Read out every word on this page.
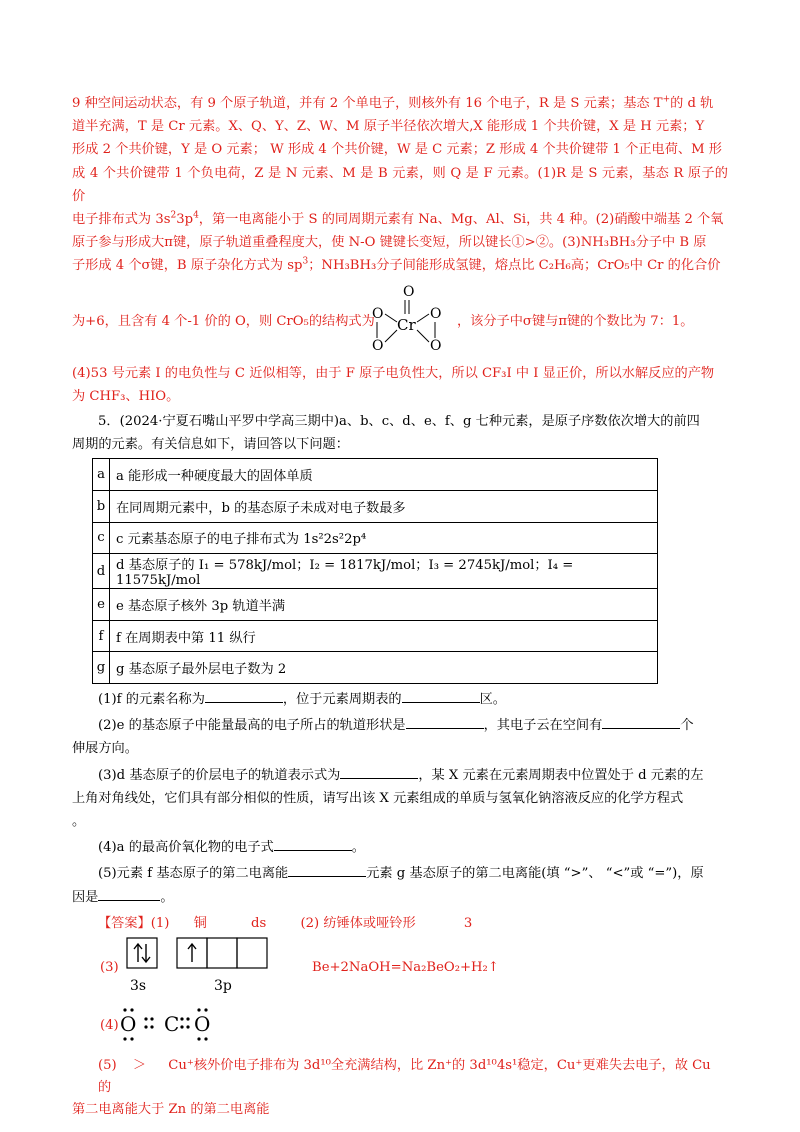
9 种空间运动状态，有 9 个原子轨道，并有 2 个单电子，则核外有 16 个电子，R 是 S 元素；基态 T+的 d 轨

道半充满，T 是 Cr 元素。X、Q、Y、Z、W、M 原子半径依次增大,X 能形成 1 个共价键，X 是 H 元素；Y

形成 2 个共价键，Y 是 O 元素； W 形成 4 个共价键，W 是 C 元素；Z 形成 4 个共价键带 1 个正电荷、M 形

成 4 个共价键带 1 个负电荷，Z 是 N 元素、M 是 B 元素，则 Q 是 F 元素。(1)R 是 S 元素，基态 R 原子的价

电子排布式为 $3s^23p^4$，第一电离能小于 S 的同周期元素有 Na、Mg、Al、Si，共 4 种。(2)硝酸中端基 2 个氧

原子参与形成大π键，原子轨道重叠程度大，使 N-O 键键长变短，所以键长①>②。(3)NH₃BH₃分子中 B 原

子形成 4 个σ键，B 原子杂化方式为 $sp^3$；NH₃BH₃分子间能形成氢键，熔点比 C₂H₆高；CrO₅中 Cr 的化合价

为+6，且含有 4 个-1 价的 O，则 CrO₅的结构式为
O
Cr
O
O
O
O
，该分子中σ键与π键的个数比为 7：1。

(4)53 号元素 I 的电负性与 C 近似相等，由于 F 原子电负性大，所以 CF₃I 中 I 显正价，所以水解反应的产物

为 CHF₃、HIO。

5．(2024·宁夏石嘴山平罗中学高三期中)a、b、c、d、e、f、g 七种元素，是原子序数依次增大的前四

周期的元素。有关信息如下，请回答以下问题：

a	a 能形成一种硬度最大的固体单质
b	在同周期元素中，b 的基态原子未成对电子数最多
c	c 元素基态原子的电子排布式为 1s²2s²2p⁴
d	d 基态原子的 I₁ = 578kJ/mol；I₂ = 1817kJ/mol；I₃ = 2745kJ/mol；I₄ = 11575kJ/mol
e	e 基态原子核外 3p 轨道半满
f	f 在周期表中第 11 纵行
g	g 基态原子最外层电子数为 2

(1)f 的元素名称为	，位于元素周期表的	区。

(2)e 的基态原子中能量最高的电子所占的轨道形状是	，其电子云在空间有	个

伸展方向。

(3)d 基态原子的价层电子的轨道表示式为	，某 X 元素在元素周期表中位置处于 d 元素的左

上角对角线处，它们具有部分相似的性质，请写出该 X 元素组成的单质与氢氧化钠溶液反应的化学方程式

。

(4)a 的最高价氧化物的电子式	。

(5)元素 f 基态原子的第二电离能	元素 g 基态原子的第二电离能(填 “>”、 “<”或 “=”)，原

因是	。

【答案】(1) 铜	ds	(2) 纺锤体或哑铃形	3

(3)
3s	3p
Be+2NaOH=Na₂BeO₂+H₂↑
(4) O C O

(5) ＞ Cu⁺核外价电子排布为 3d¹⁰全充满结构，比 Zn⁺的 3d¹⁰4s¹稳定，Cu⁺更难失去电子，故 Cu 的

第二电离能大于 Zn 的第二电离能
